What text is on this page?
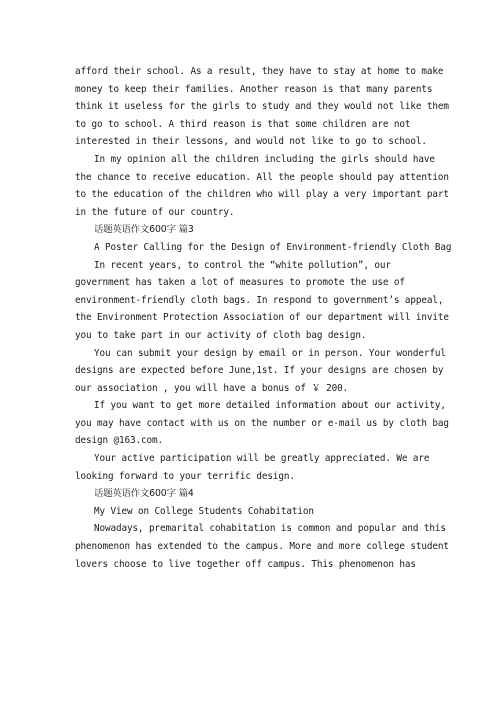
afford their school. As a result, they have to stay at home to make
money to keep their families. Another reason is that many parents
think it useless for the girls to study and they would not like them
to go to school. A third reason is that some children are not
interested in their lessons, and would not like to go to school.
In my opinion all the children including the girls should have
the chance to receive education. All the people should pay attention
to the education of the children who will play a very important part
in the future of our country.
话题英语作文600字 篇3
A Poster Calling for the Design of Environment-friendly Cloth Bag
In recent years, to control the “white pollution”, our
government has taken a lot of measures to promote the use of
environment-friendly cloth bags. In respond to government’s appeal,
the Environment Protection Association of our department will invite
you to take part in our activity of cloth bag design.
You can submit your design by email or in person. Your wonderful
designs are expected before June,1st. If your designs are chosen by
our association , you will have a bonus of ￥ 200.
If you want to get more detailed information about our activity,
you may have contact with us on the number or e-mail us by cloth bag
design @163.com.
Your active participation will be greatly appreciated. We are
looking forward to your terrific design.
话题英语作文600字 篇4
My View on College Students Cohabitation
Nowadays, premarital cohabitation is common and popular and this
phenomenon has extended to the campus. More and more college student
lovers choose to live together off campus. This phenomenon has
